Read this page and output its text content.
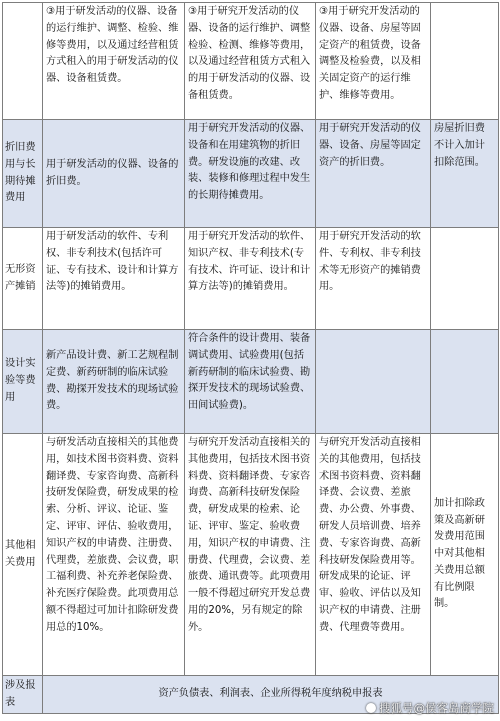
	③用于研发活动的仪器、设备的运行维护、调整、检验、维修等费用，以及通过经营租赁方式租入的用于研发活动的仪器、设备租赁费。	③用于研究开发活动的仪器、设备的运行维护、调整检验、检测、维修等费用，以及通过经营租赁方式租入的用于研发活动的仪器、设备租赁费。	③用于研究开发活动的仪器、设备、房屋等固定资产的租赁费，设备调整及检验费，以及相关固定资产的运行维护、维修等费用。	
折旧费用与长期待摊费用	用于研发活动的仪器、设备的折旧费。	用于研究开发活动的仪器、设备和在用建筑物的折旧费。研发设施的改建、改装、装修和修理过程中发生的长期待摊费用。	用于研究开发活动的仪器、设备、房屋等固定资产的折旧费。	房屋折旧费不计入加计扣除范围。
无形资产摊销	用于研发活动的软件、专利权、非专利技术(包括许可证、专有技术、设计和计算方法等)的摊销费用。	用于研究开发活动的软件、知识产权、非专利技术(专有技术、许可证、设计和计算方法等)的摊销费用。	用于研究开发活动的软件、专利权、非专利技术等无形资产的摊销费用。	
设计实验等费用	新产品设计费、新工艺规程制定费、新药研制的临床试验费、勘探开发技术的现场试验费。	符合条件的设计费用、装备调试费用、试验费用(包括新药研制的临床试验费、勘探开发技术的现场试验费、田间试验费)。		
其他相关费用	与研发活动直接相关的其他费用，如技术图书资料费、资料翻译费、专家咨询费、高新科技研发保险费，研发成果的检索、分析、评议、论证、鉴定、评审、评估、验收费用，知识产权的申请费、注册费、代理费，差旅费、会议费，职工福利费、补充养老保险费、补充医疗保险费。此项费用总额不得超过可加计扣除研发费用总的10%。	与研究开发活动直接相关的其他费用，包括技术图书资料费、资料翻译费、专家咨询费、高新科技研发保险费，研发成果的检索、论证、评审、鉴定、验收费用，知识产权的申请费、注册费、代理费，会议费、差旅费、通讯费等。此项费用一般不得超过研究开发总费用的20%，另有规定的除外。	与研究开发活动直接相关的其他费用，包括技术图书资料费、资料翻译费、会议费、差旅费、办公费、外事费、研发人员培训费、培养费、专家咨询费、高新科技研发保险费用等。研发成果的论证、评审、验收、评估以及知识产权的申请费、注册费、代理费等费用。	加计扣除政策及高新研发费用范围中对其他相关费用总额有比例限制。
涉及报表	资产负债表、利润表、企业所得税年度纳税申报表			
搜狐号@侯客岛商学院
